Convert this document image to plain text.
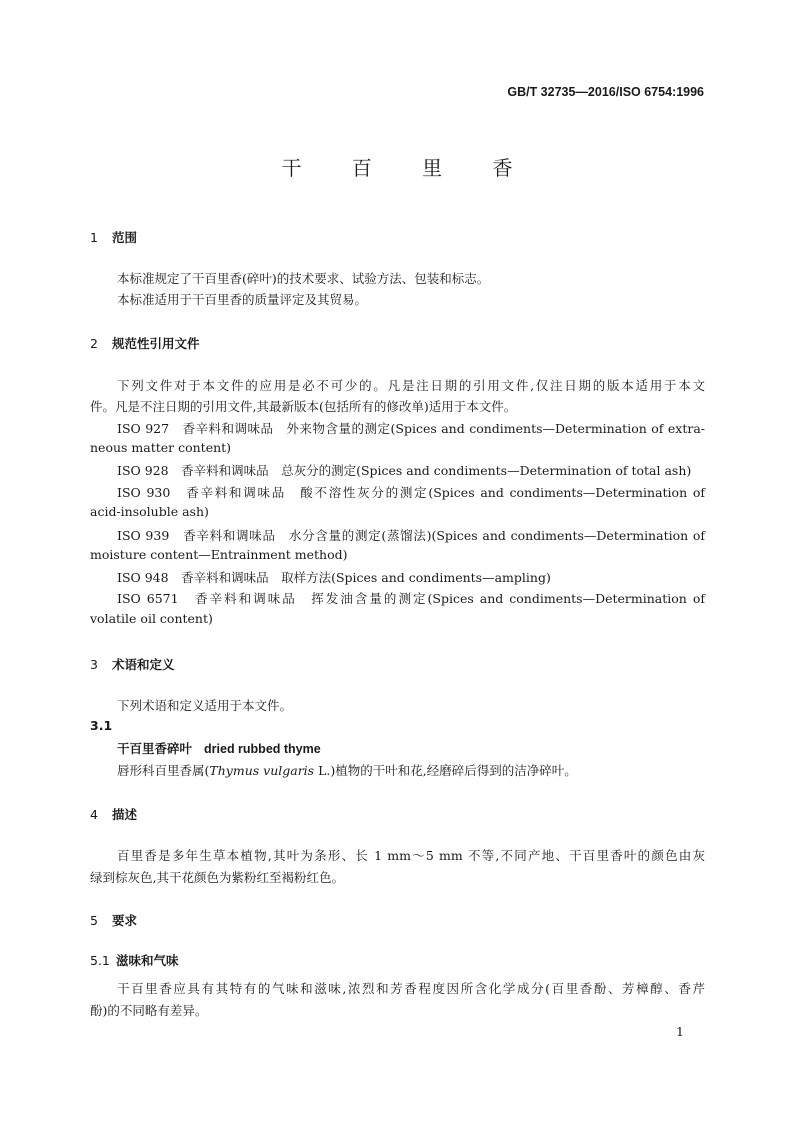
GB/T 32735—2016/ISO 6754:1996
干 百 里 香
1 范围
本标准规定了干百里香(碎叶)的技术要求、试验方法、包装和标志。
本标准适用于干百里香的质量评定及其贸易。
2 规范性引用文件
下列文件对于本文件的应用是必不可少的。凡是注日期的引用文件,仅注日期的版本适用于本文
件。凡是不注日期的引用文件,其最新版本(包括所有的修改单)适用于本文件。
ISO 927　香辛料和调味品　外来物含量的测定(Spices and condiments—Determination of extra-
neous matter content)
ISO 928　香辛料和调味品　总灰分的测定(Spices and condiments—Determination of total ash)
ISO 930　香辛料和调味品　酸不溶性灰分的测定(Spices and condiments—Determination of
acid-insoluble ash)
ISO 939　香辛料和调味品　水分含量的测定(蒸馏法)(Spices and condiments—Determination of
moisture content—Entrainment method)
ISO 948　香辛料和调味品　取样方法(Spices and condiments—ampling)
ISO 6571　香辛料和调味品　挥发油含量的测定(Spices and condiments—Determination of
volatile oil content)
3 术语和定义
下列术语和定义适用于本文件。
3.1
干百里香碎叶 dried rubbed thyme
唇形科百里香属(Thymus vulgaris L.)植物的干叶和花,经磨碎后得到的洁净碎叶。
4 描述
百里香是多年生草本植物,其叶为条形、长 1 mm～5 mm 不等,不同产地、干百里香叶的颜色由灰
绿到棕灰色,其干花颜色为紫粉红至褐粉红色。
5 要求
5.1 滋味和气味
干百里香应具有其特有的气味和滋味,浓烈和芳香程度因所含化学成分(百里香酚、芳樟醇、香芹
酚)的不同略有差异。
1
